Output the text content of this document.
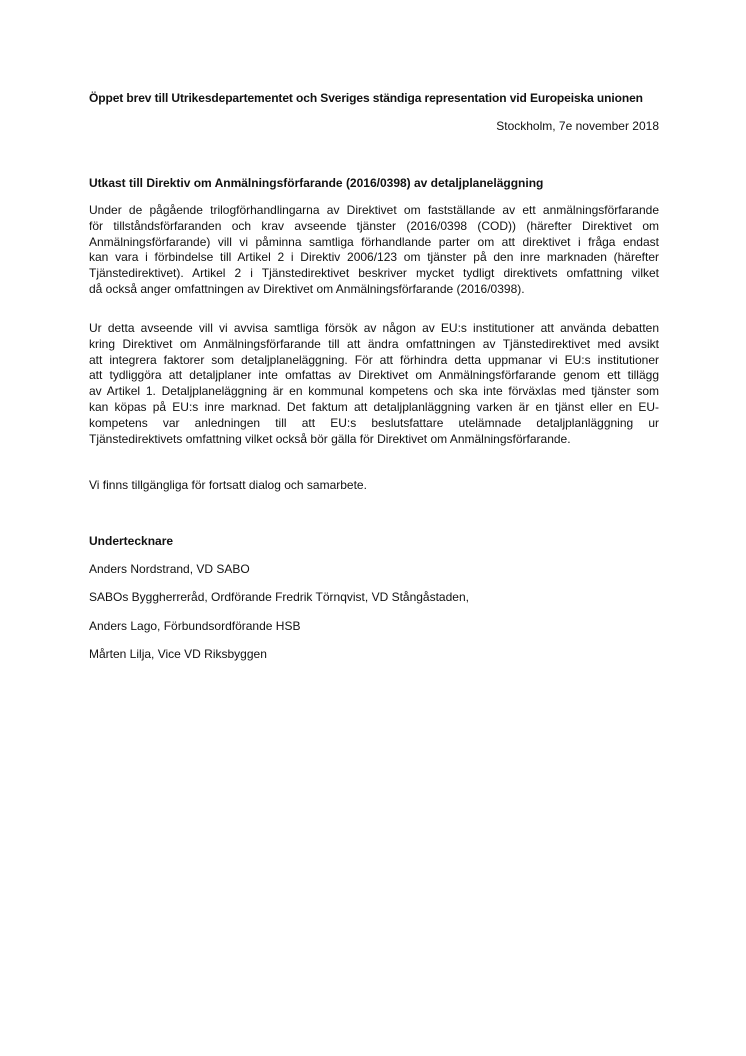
Öppet brev till Utrikesdepartementet och Sveriges ständiga representation vid Europeiska unionen
Stockholm, 7e november 2018
Utkast till Direktiv om Anmälningsförfarande (2016/0398) av detaljplaneläggning
Under de pågående trilogförhandlingarna av Direktivet om fastställande av ett anmälningsförfarande
för tillståndsförfaranden och krav avseende tjänster (2016/0398 (COD)) (härefter Direktivet om
Anmälningsförfarande) vill vi påminna samtliga förhandlande parter om att direktivet i fråga endast
kan vara i förbindelse till Artikel 2 i Direktiv 2006/123 om tjänster på den inre marknaden (härefter
Tjänstedirektivet). Artikel 2 i Tjänstedirektivet beskriver mycket tydligt direktivets omfattning vilket
då också anger omfattningen av Direktivet om Anmälningsförfarande (2016/0398).
Ur detta avseende vill vi avvisa samtliga försök av någon av EU:s institutioner att använda debatten
kring Direktivet om Anmälningsförfarande till att ändra omfattningen av Tjänstedirektivet med avsikt
att integrera faktorer som detaljplaneläggning. För att förhindra detta uppmanar vi EU:s institutioner
att tydliggöra att detaljplaner inte omfattas av Direktivet om Anmälningsförfarande genom ett tillägg
av Artikel 1. Detaljplaneläggning är en kommunal kompetens och ska inte förväxlas med tjänster som
kan köpas på EU:s inre marknad. Det faktum att detaljplanläggning varken är en tjänst eller en EU-
kompetens var anledningen till att EU:s beslutsfattare utelämnade detaljplanläggning ur
Tjänstedirektivets omfattning vilket också bör gälla för Direktivet om Anmälningsförfarande.
Vi finns tillgängliga för fortsatt dialog och samarbete.
Undertecknare
Anders Nordstrand, VD SABO
SABOs Byggherreråd, Ordförande Fredrik Törnqvist, VD Stångåstaden,
Anders Lago, Förbundsordförande HSB
Mårten Lilja, Vice VD Riksbyggen
